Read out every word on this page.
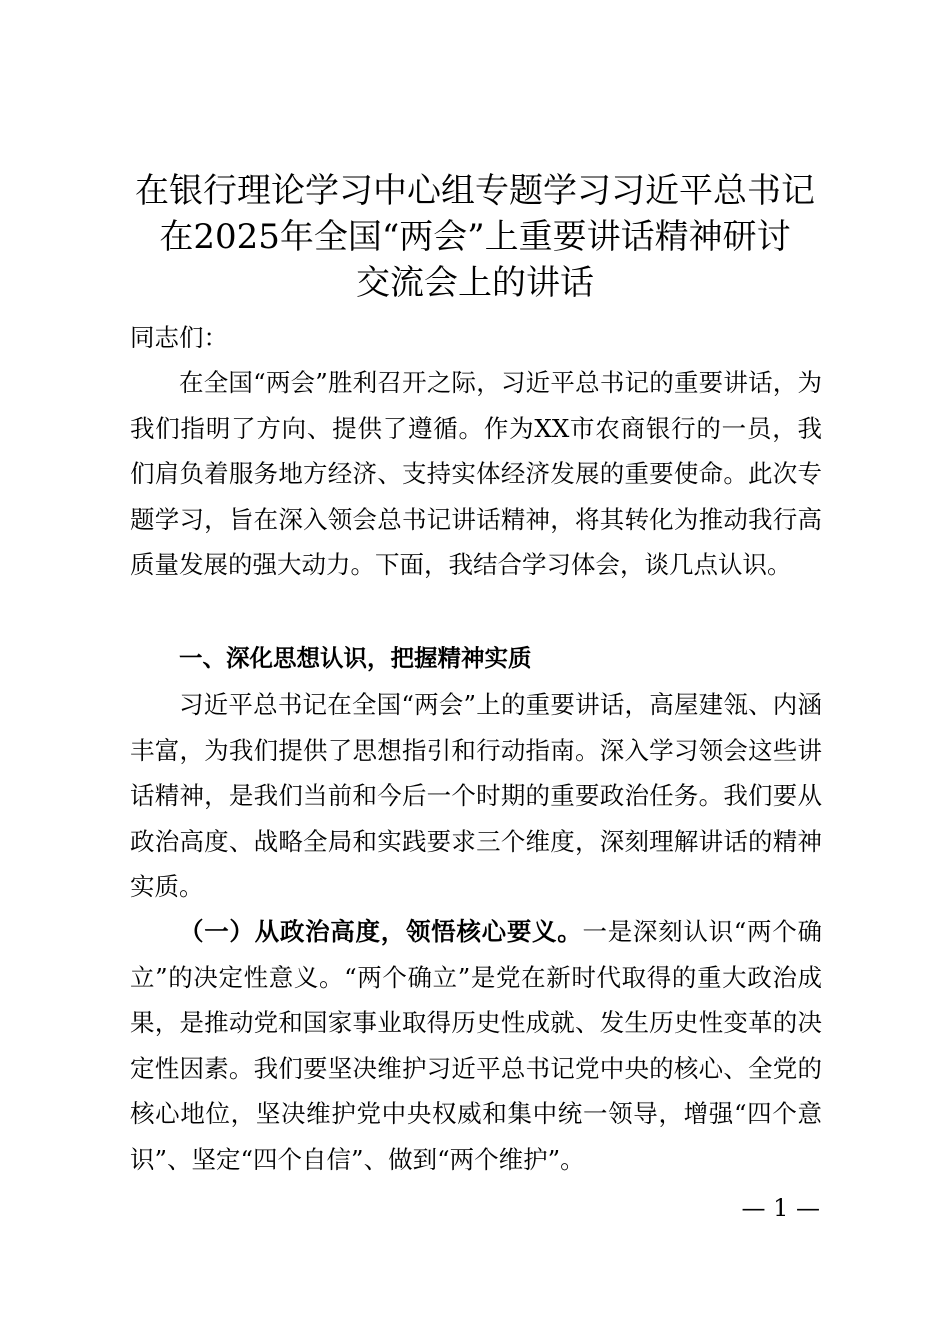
在银行理论学习中心组专题学习习近平总书记
在2025年全国“两会”上重要讲话精神研讨
交流会上的讲话

同志们：

在全国“两会”胜利召开之际，习近平总书记的重要讲话，为我们指明了方向、提供了遵循。作为XX市农商银行的一员，我们肩负着服务地方经济、支持实体经济发展的重要使命。此次专题学习，旨在深入领会总书记讲话精神，将其转化为推动我行高质量发展的强大动力。下面，我结合学习体会，谈几点认识。

一、深化思想认识，把握精神实质

习近平总书记在全国“两会”上的重要讲话，高屋建瓴、内涵丰富，为我们提供了思想指引和行动指南。深入学习领会这些讲话精神，是我们当前和今后一个时期的重要政治任务。我们要从政治高度、战略全局和实践要求三个维度，深刻理解讲话的精神实质。

（一）从政治高度，领悟核心要义。一是深刻认识“两个确立”的决定性意义。“两个确立”是党在新时代取得的重大政治成果，是推动党和国家事业取得历史性成就、发生历史性变革的决定性因素。我们要坚决维护习近平总书记党中央的核心、全党的核心地位，坚决维护党中央权威和集中统一领导，增强“四个意识”、坚定“四个自信”、做到“两个维护”。

— 1 —
